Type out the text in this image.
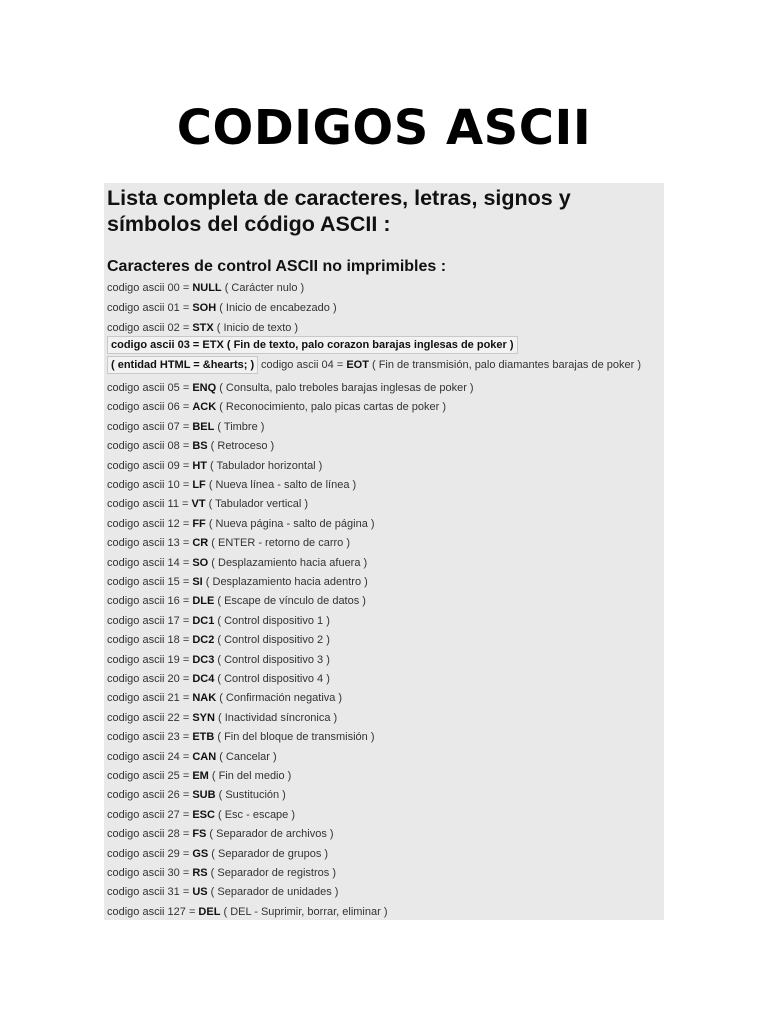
CODIGOS ASCII
Lista completa de caracteres, letras, signos y símbolos del código ASCII :
Caracteres de control ASCII no imprimibles :
codigo ascii 00 = NULL ( Carácter nulo )
codigo ascii 01 = SOH ( Inicio de encabezado )
codigo ascii 02 = STX ( Inicio de texto )
codigo ascii 03 = ETX ( Fin de texto, palo corazon barajas inglesas de poker )
( entidad HTML = &hearts; ) codigo ascii 04 = EOT ( Fin de transmisión, palo diamantes barajas de poker )
codigo ascii 05 = ENQ ( Consulta, palo treboles barajas inglesas de poker )
codigo ascii 06 = ACK ( Reconocimiento, palo picas cartas de poker )
codigo ascii 07 = BEL ( Timbre )
codigo ascii 08 = BS ( Retroceso )
codigo ascii 09 = HT ( Tabulador horizontal )
codigo ascii 10 = LF ( Nueva línea - salto de línea )
codigo ascii 11 = VT ( Tabulador vertical )
codigo ascii 12 = FF ( Nueva página - salto de página )
codigo ascii 13 = CR ( ENTER - retorno de carro )
codigo ascii 14 = SO ( Desplazamiento hacia afuera )
codigo ascii 15 = SI ( Desplazamiento hacia adentro )
codigo ascii 16 = DLE ( Escape de vínculo de datos )
codigo ascii 17 = DC1 ( Control dispositivo 1 )
codigo ascii 18 = DC2 ( Control dispositivo 2 )
codigo ascii 19 = DC3 ( Control dispositivo 3 )
codigo ascii 20 = DC4 ( Control dispositivo 4 )
codigo ascii 21 = NAK ( Confirmación negativa )
codigo ascii 22 = SYN ( Inactividad síncronica )
codigo ascii 23 = ETB ( Fin del bloque de transmisión )
codigo ascii 24 = CAN ( Cancelar )
codigo ascii 25 = EM ( Fin del medio )
codigo ascii 26 = SUB ( Sustitución )
codigo ascii 27 = ESC ( Esc - escape )
codigo ascii 28 = FS ( Separador de archivos )
codigo ascii 29 = GS ( Separador de grupos )
codigo ascii 30 = RS ( Separador de registros )
codigo ascii 31 = US ( Separador de unidades )
codigo ascii 127 = DEL ( DEL - Suprimir, borrar, eliminar )
